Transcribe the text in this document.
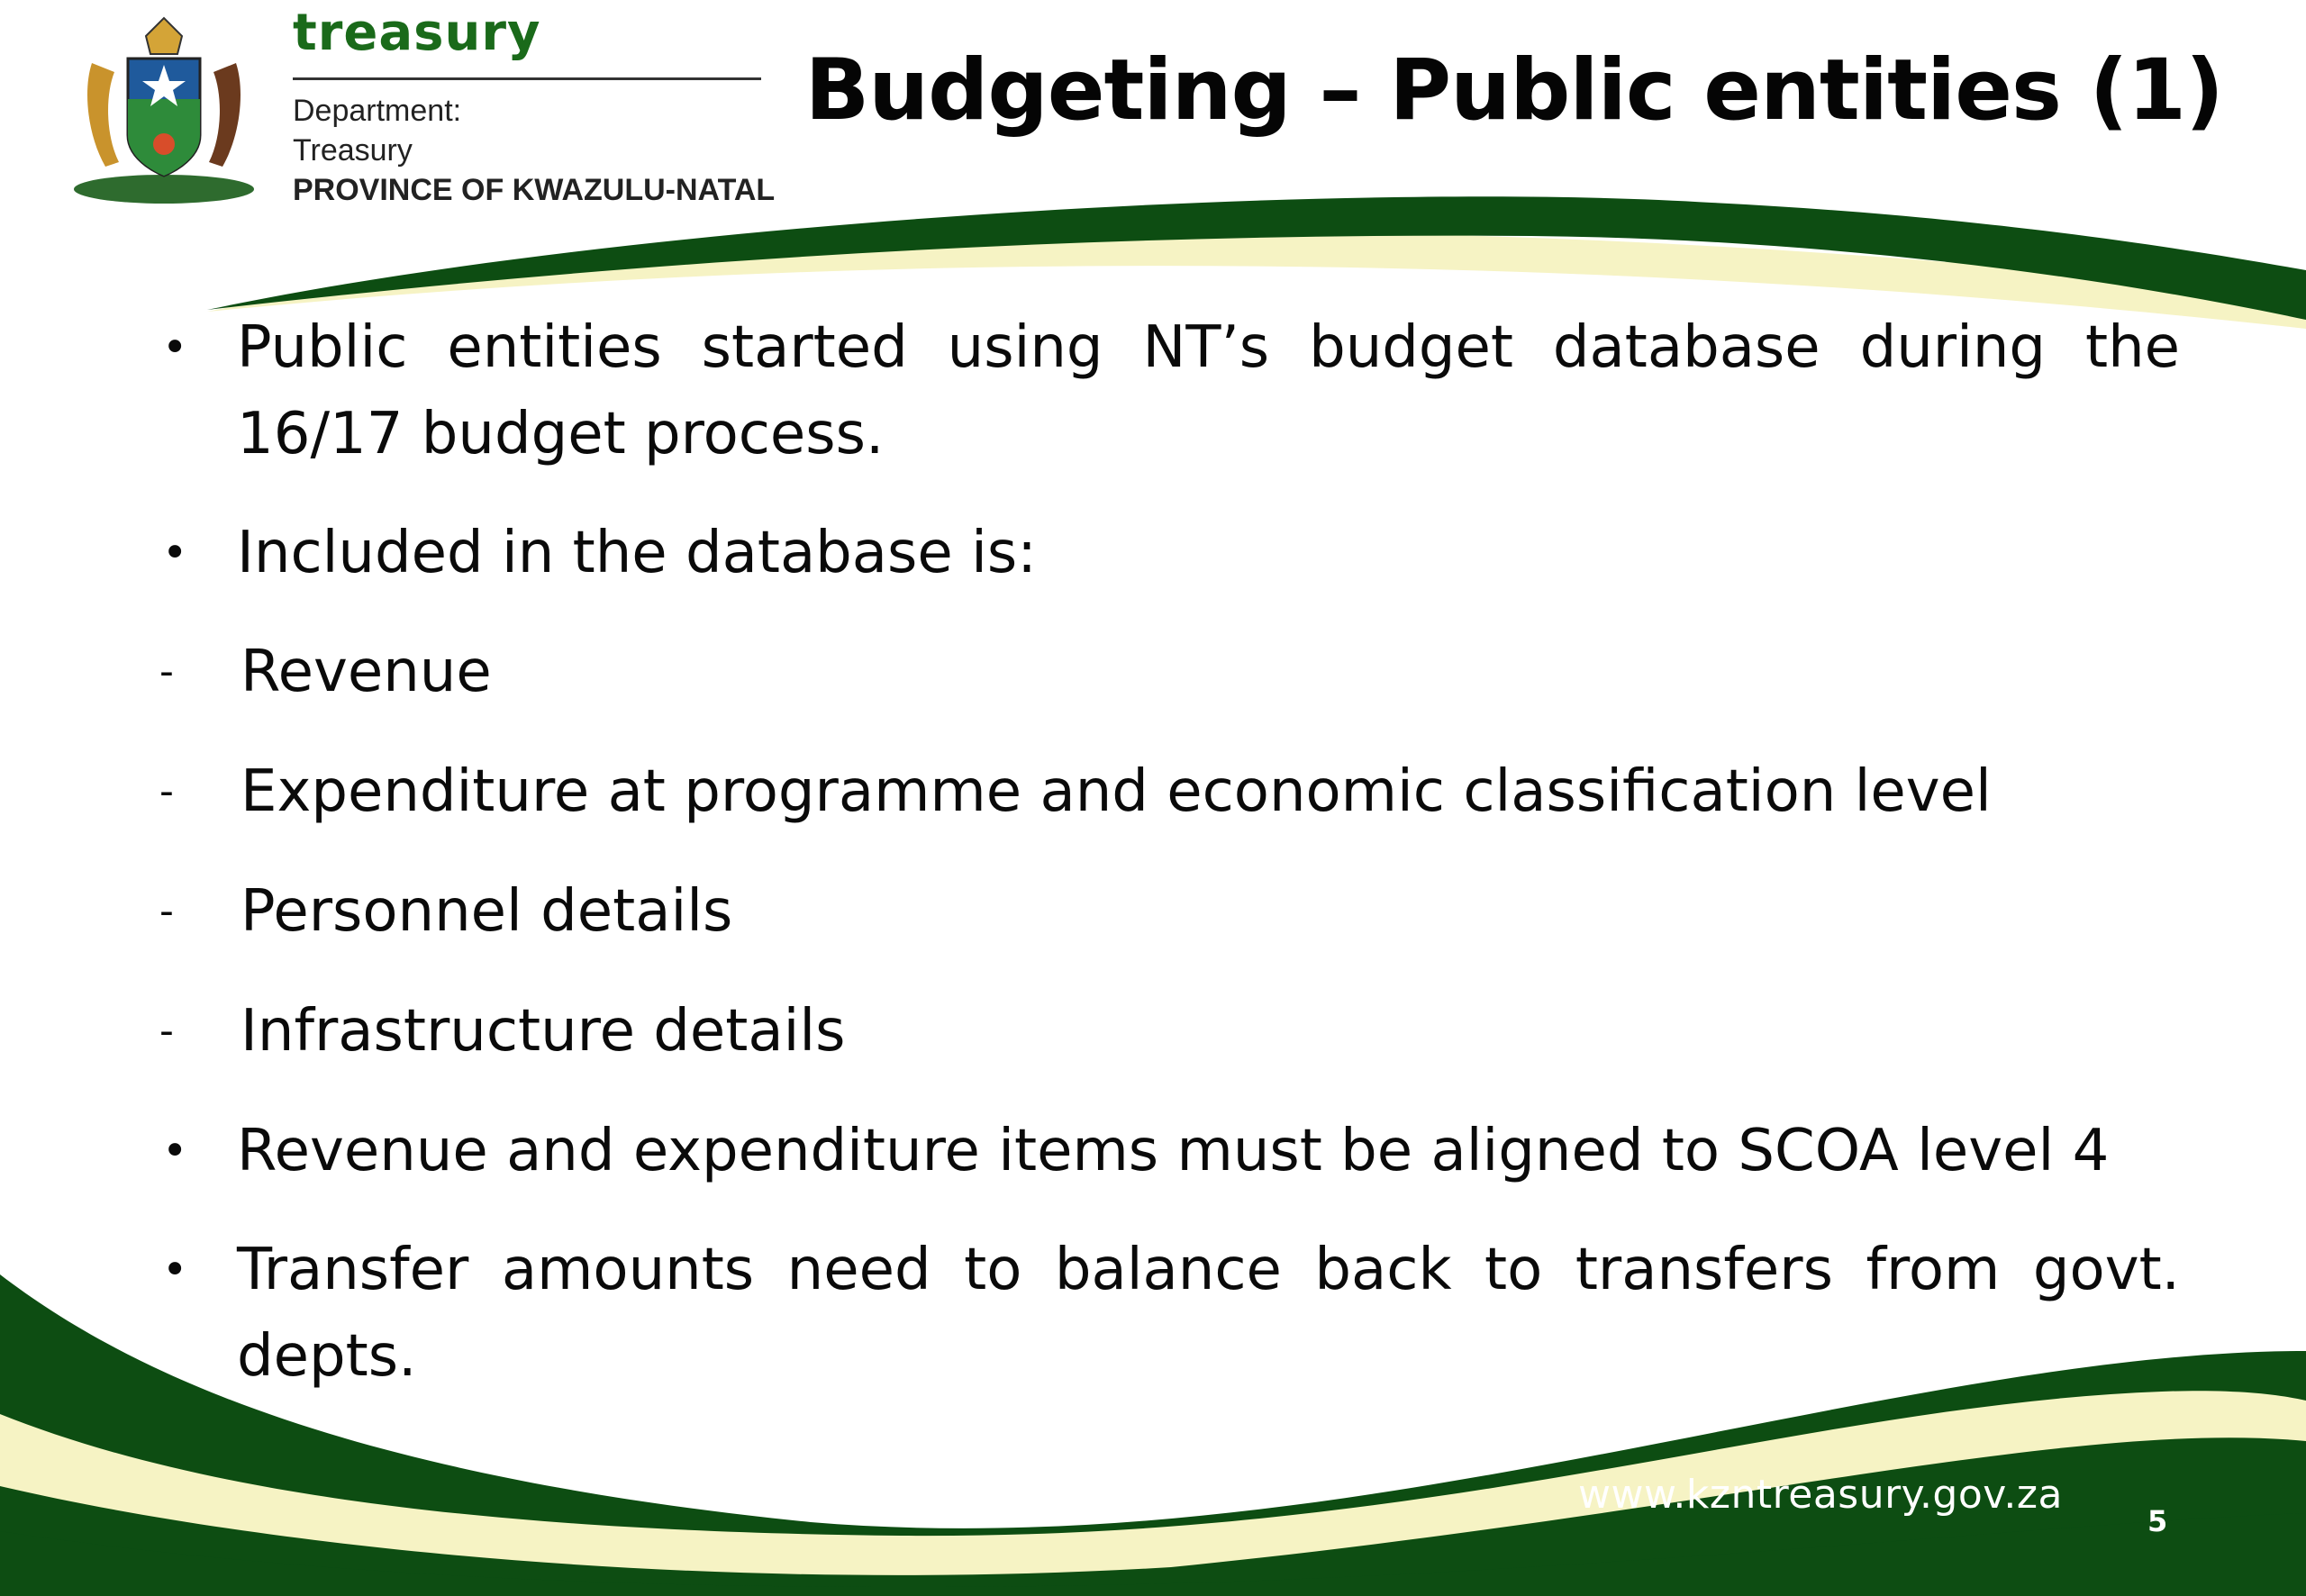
treasury
Department:
Treasury
PROVINCE OF KWAZULU-NATAL
Budgeting – Public entities (1)
• Public entities started using NT’s budget database during the 16/17 budget process.
• Included in the database is:
- Revenue
- Expenditure at programme and economic classification level
- Personnel details
- Infrastructure details
• Revenue and expenditure items must be aligned to SCOA level 4
• Transfer amounts need to balance back to transfers from govt. depts.
www.kzntreasury.gov.za
5
